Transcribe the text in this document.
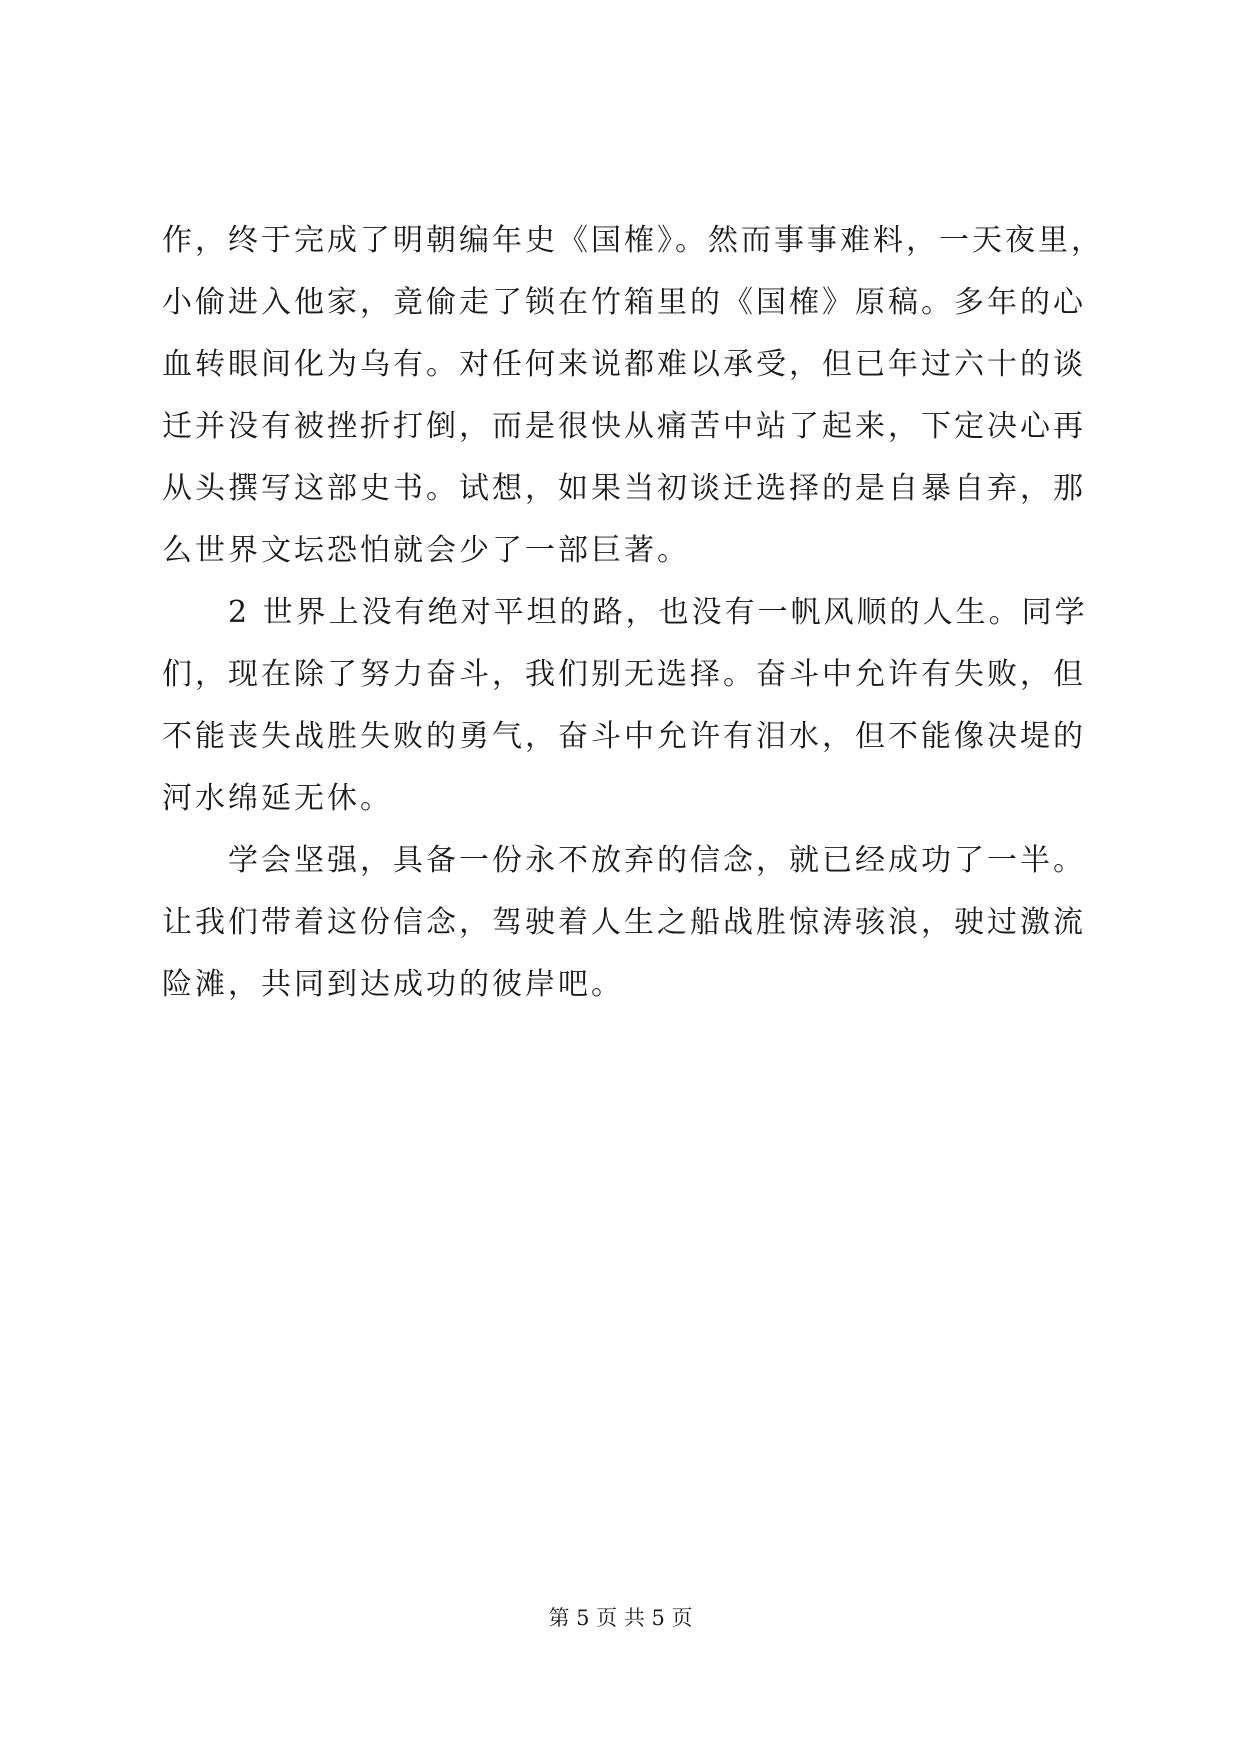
作，终于完成了明朝编年史《国榷》。然而事事难料，一天夜里，
小偷进入他家，竟偷走了锁在竹箱里的《国榷》原稿。多年的心
血转眼间化为乌有。对任何来说都难以承受，但已年过六十的谈
迁并没有被挫折打倒，而是很快从痛苦中站了起来，下定决心再
从头撰写这部史书。试想，如果当初谈迁选择的是自暴自弃，那
么世界文坛恐怕就会少了一部巨著。
2 世界上没有绝对平坦的路，也没有一帆风顺的人生。同学
们，现在除了努力奋斗，我们别无选择。奋斗中允许有失败，但
不能丧失战胜失败的勇气，奋斗中允许有泪水，但不能像决堤的
河水绵延无休。
学会坚强，具备一份永不放弃的信念，就已经成功了一半。
让我们带着这份信念，驾驶着人生之船战胜惊涛骇浪，驶过激流
险滩，共同到达成功的彼岸吧。
第 5 页 共 5 页
